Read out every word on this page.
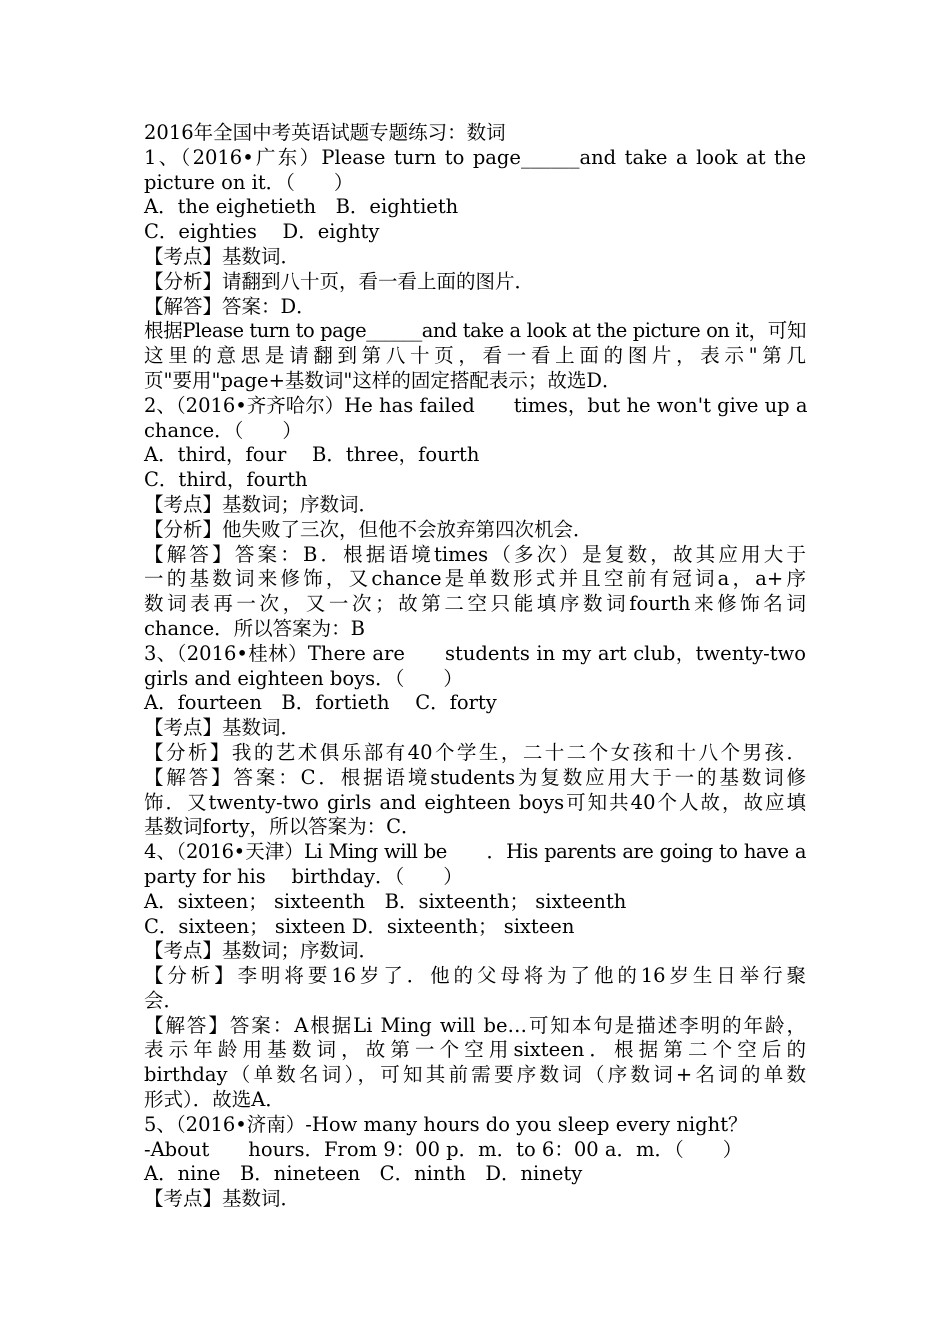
2016年全国中考英语试题专题练习：数词
1、（2016•广东）Please turn to page______and take a look at the
picture on it．（　　）
A．the eighetieth　B．eightieth
C．eighties　 D．eighty
【考点】基数词．
【分析】请翻到八十页，看一看上面的图片．
【解答】答案：D．
根据Please turn to page______and take a look at the picture on it，可知
这里的意思是请翻到第八十页，看一看上面的图片，表示"第几
页"要用"page+基数词"这样的固定搭配表示；故选D．
2、（2016•齐齐哈尔）He has failed　　times，but he won't give up a
chance．（　　）
A．third，four　 B．three，fourth
C．third，fourth
【考点】基数词；序数词．
【分析】他失败了三次，但他不会放弃第四次机会．
【解答】答案：B．根据语境times（多次）是复数，故其应用大于
一的基数词来修饰，又chance是单数形式并且空前有冠词a，a+序
数词表再一次，又一次；故第二空只能填序数词fourth来修饰名词
chance．所以答案为：B
3、（2016•桂林）There are　　students in my art club，twenty-two
girls and eighteen boys．（　　）
A．fourteen　B．fortieth　 C．forty
【考点】基数词．
【分析】我的艺术俱乐部有40个学生，二十二个女孩和十八个男孩．
【解答】答案：C．根据语境students为复数应用大于一的基数词修
饰．又twenty-two girls and eighteen boys可知共40个人故，故应填
基数词forty，所以答案为：C．
4、（2016•天津）Li Ming will be　　．His parents are going to have a
party for his　 birthday．（　　）
A．sixteen； sixteenth　B．sixteenth； sixteenth
C．sixteen； sixteen D．sixteenth； sixteen
【考点】基数词；序数词．
【分析】李明将要16岁了．他的父母将为了他的16岁生日举行聚
会．
【解答】答案：A根据Li Ming will be…可知本句是描述李明的年龄，
表示年龄用基数词，故第一个空用sixteen．根据第二个空后的
birthday（单数名词），可知其前需要序数词（序数词+名词的单数
形式）．故选A．
5、（2016•济南）-How many hours do you sleep every night？
-About　　hours．From 9：00 p．m．to 6：00 a．m．（　　）
A．nine　B．nineteen　C．ninth　D．ninety
【考点】基数词．
